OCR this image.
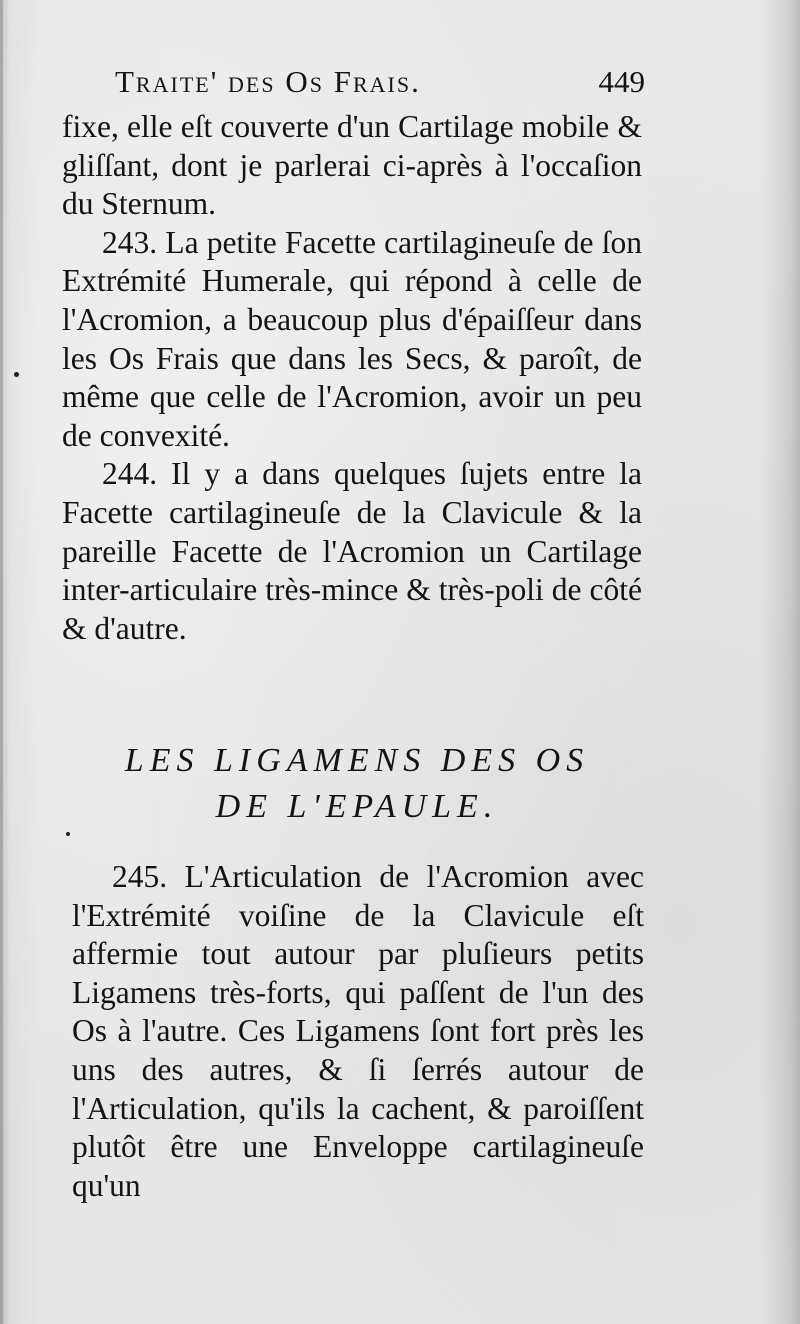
Traite' des Os Frais.	449

fixe, elle eſt couverte d'un Cartilage mobile & gliſſant, dont je parlerai ci-après à l'occaſion du Sternum.

243. La petite Facette cartilagineuſe de ſon Extrémité Humerale, qui répond à celle de l'Acromion, a beaucoup plus d'épaiſſeur dans les Os Frais que dans les Secs, & paroît, de même que celle de l'Acromion, avoir un peu de convexité.

244. Il y a dans quelques ſujets entre la Facette cartilagineuſe de la Clavicule & la pareille Facette de l'Acromion un Cartilage inter-articulaire très-mince & très-poli de côté & d'autre.

LES LIGAMENS DES OS
DE L'EPAULE.

245. L'Articulation de l'Acromion avec l'Extrémité voiſine de la Clavicule eſt affermie tout autour par pluſieurs petits Ligamens très-forts, qui paſſent de l'un des Os à l'autre. Ces Ligamens ſont fort près les uns des autres, & ſi ſerrés autour de l'Articulation, qu'ils la cachent, & paroiſſent plutôt être une Enveloppe cartilagineuſe qu'un
